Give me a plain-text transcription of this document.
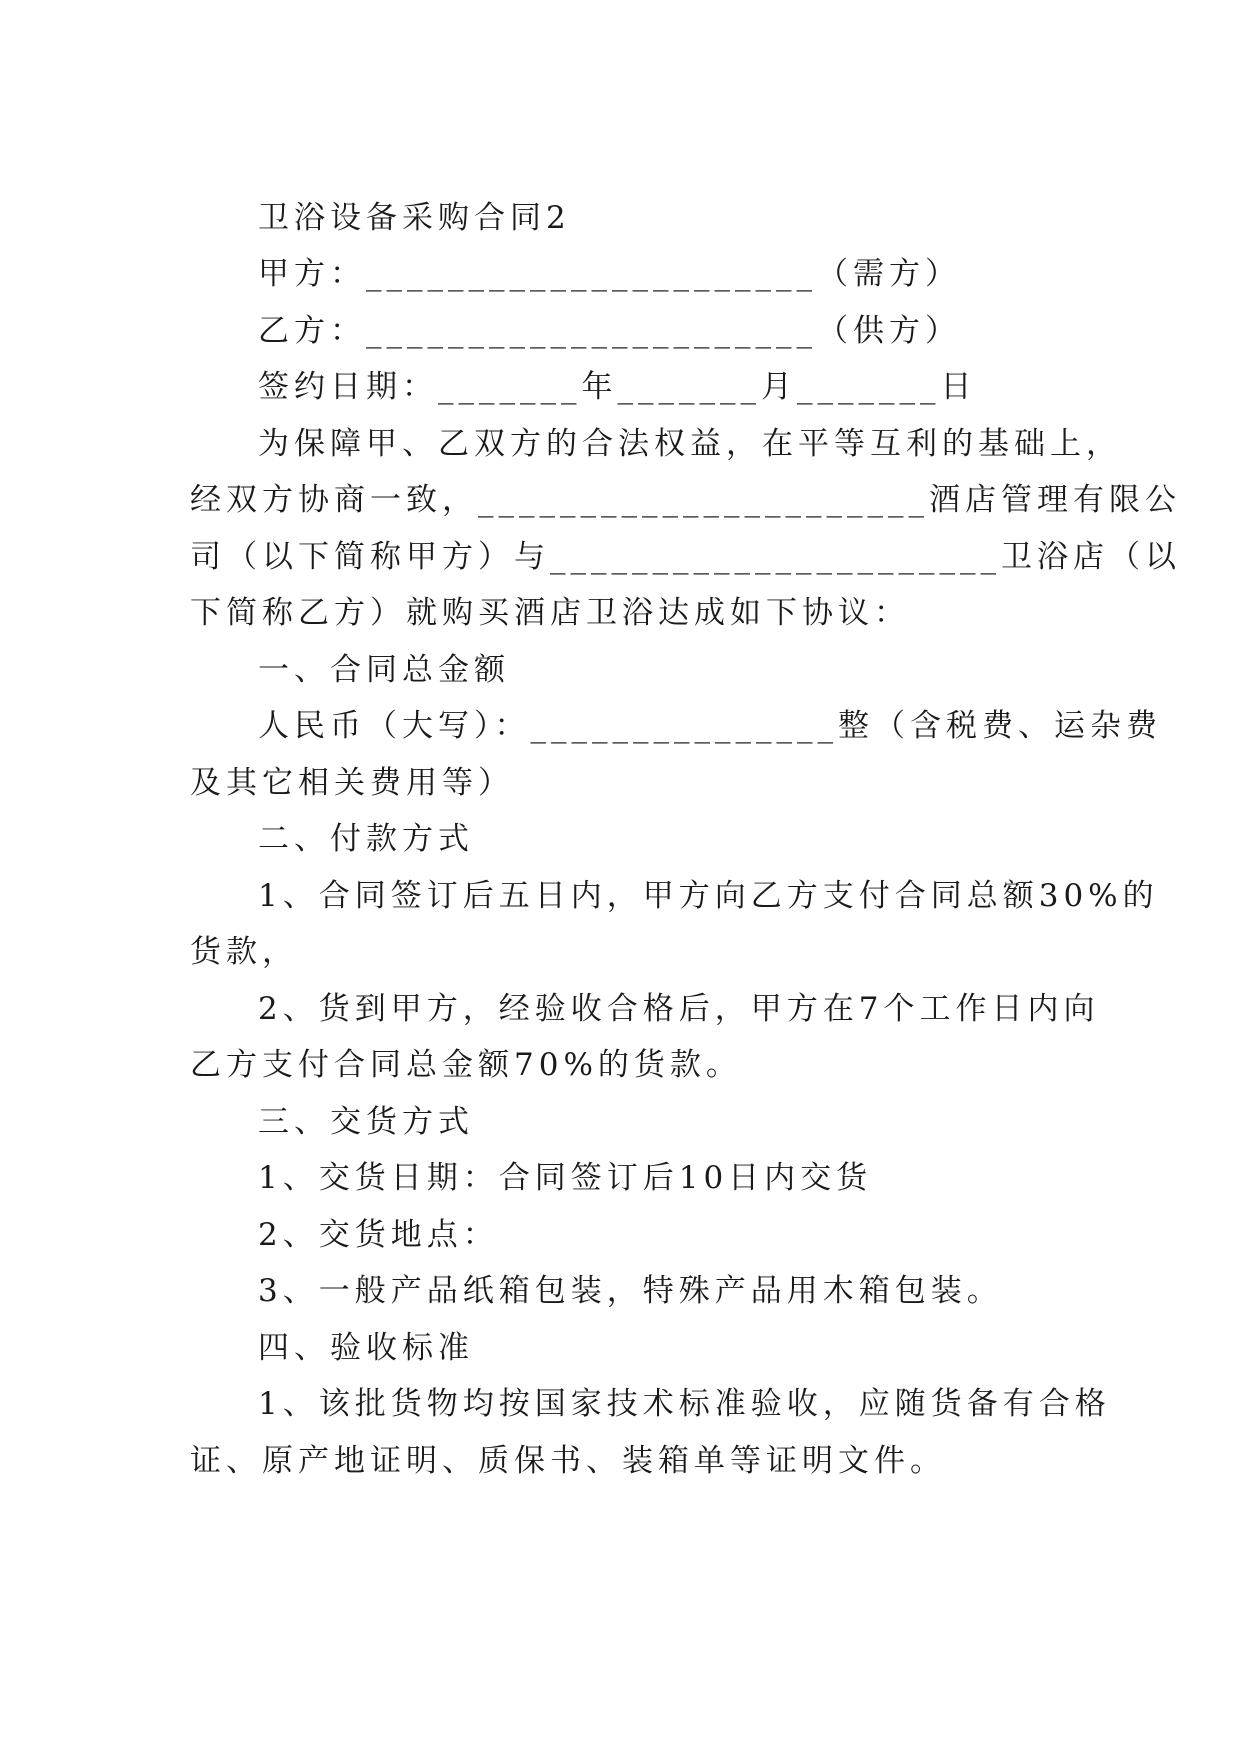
卫浴设备采购合同2
甲方：______________________（需方）
乙方：______________________（供方）
签约日期：_______年_______月_______日
为保障甲、乙双方的合法权益，在平等互利的基础上，
经双方协商一致，______________________酒店管理有限公
司（以下简称甲方）与______________________卫浴店（以
下简称乙方）就购买酒店卫浴达成如下协议：
一、合同总金额
人民币（大写）：_______________整（含税费、运杂费
及其它相关费用等）
二、付款方式
1、合同签订后五日内，甲方向乙方支付合同总额30%的
货款，
2、货到甲方，经验收合格后，甲方在7个工作日内向
乙方支付合同总金额70%的货款。
三、交货方式
1、交货日期：合同签订后10日内交货
2、交货地点：
3、一般产品纸箱包装，特殊产品用木箱包装。
四、验收标准
1、该批货物均按国家技术标准验收，应随货备有合格
证、原产地证明、质保书、装箱单等证明文件。
